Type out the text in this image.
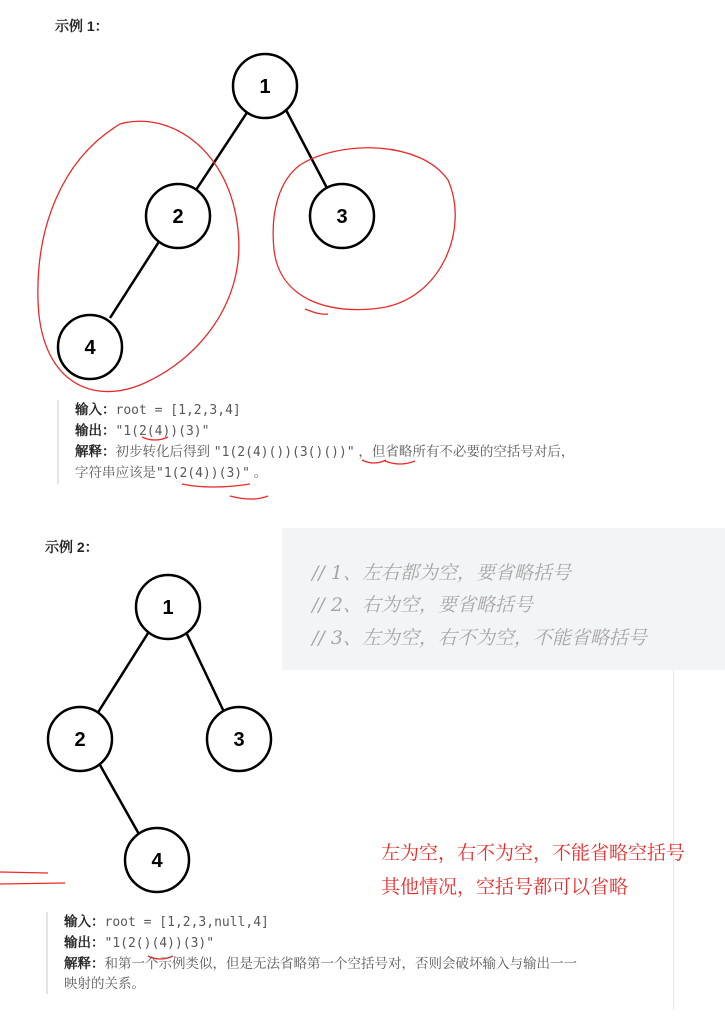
示例 1：
1
2	3
4
1
2	3
4
输入：root = [1,2,3,4]
输出："1(2(4))(3)"
解释：初步转化后得到 "1(2(4)())(3()())" ，但省略所有不必要的空括号对后，
字符串应该是"1(2(4))(3)" 。
示例 2：
// 1、左右都为空，要省略括号
// 2、右为空，要省略括号
// 3、左为空，右不为空，不能省略括号
左为空，右不为空，不能省略空括号
其他情况，空括号都可以省略
输入：root = [1,2,3,null,4]
输出："1(2()(4))(3)"
解释：和第一个示例类似，但是无法省略第一个空括号对，否则会破坏输入与输出一一
映射的关系。
